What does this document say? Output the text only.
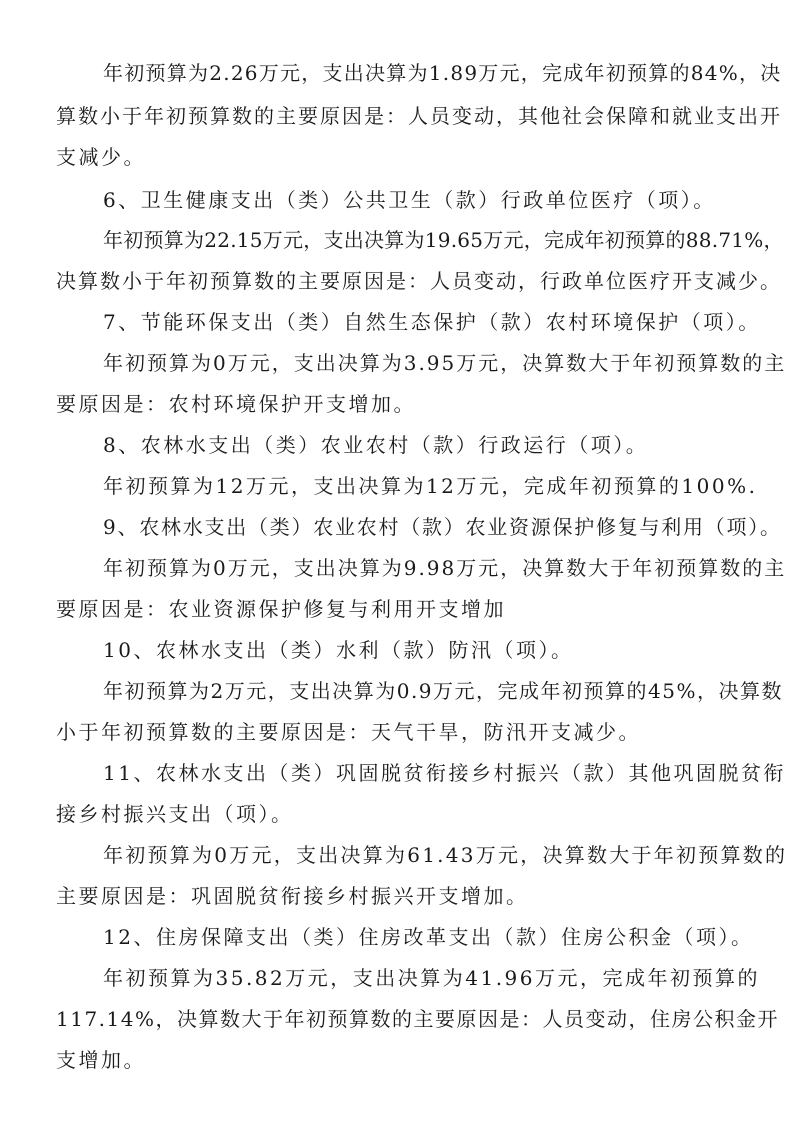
年初预算为2.26万元，支出决算为1.89万元，完成年初预算的84%，决
算数小于年初预算数的主要原因是：人员变动，其他社会保障和就业支出开
支减少。
6、卫生健康支出（类）公共卫生（款）行政单位医疗（项）。
年初预算为22.15万元，支出决算为19.65万元，完成年初预算的88.71%，
决算数小于年初预算数的主要原因是：人员变动，行政单位医疗开支减少。
7、节能环保支出（类）自然生态保护（款）农村环境保护（项）。
年初预算为0万元，支出决算为3.95万元，决算数大于年初预算数的主
要原因是：农村环境保护开支增加。
8、农林水支出（类）农业农村（款）行政运行（项）。
年初预算为12万元，支出决算为12万元，完成年初预算的100%.
9、农林水支出（类）农业农村（款）农业资源保护修复与利用（项）。
年初预算为0万元，支出决算为9.98万元，决算数大于年初预算数的主
要原因是：农业资源保护修复与利用开支增加
10、农林水支出（类）水利（款）防汛（项）。
年初预算为2万元，支出决算为0.9万元，完成年初预算的45%，决算数
小于年初预算数的主要原因是：天气干旱，防汛开支减少。
11、农林水支出（类）巩固脱贫衔接乡村振兴（款）其他巩固脱贫衔
接乡村振兴支出（项）。
年初预算为0万元，支出决算为61.43万元，决算数大于年初预算数的
主要原因是：巩固脱贫衔接乡村振兴开支增加。
12、住房保障支出（类）住房改革支出（款）住房公积金（项）。
年初预算为35.82万元，支出决算为41.96万元，完成年初预算的
117.14%，决算数大于年初预算数的主要原因是：人员变动，住房公积金开
支增加。
